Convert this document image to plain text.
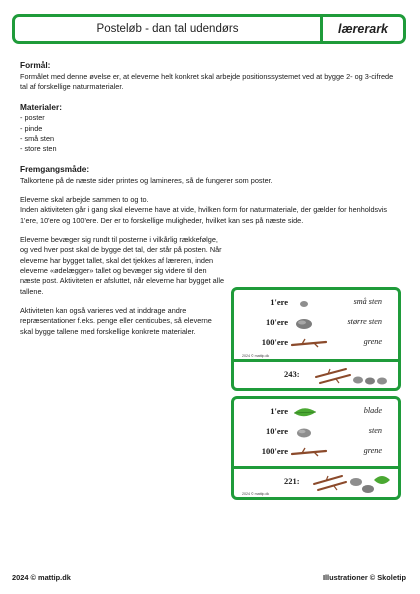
Posteløb - dan tal udendørs	lærerark

Formål:

Formålet med denne øvelse er, at eleverne helt konkret skal arbejde positionssystemet ved at bygge 2- og 3-cifrede tal af forskellige naturmaterialer.

Materialer:

- poster
- pinde
- små sten
- store sten

Fremgangsmåde:

Talkortene på de næste sider printes og lamineres, så de fungerer som poster.

Eleverne skal arbejde sammen to og to.

Inden aktiviteten går i gang skal eleverne have at vide, hvilken form for naturmateriale, der gælder for henholdsvis 1'ere, 10'ere og 100'ere. Der er to forskellige muligheder, hvilket kan ses på næste side.

Eleverne bevæger sig rundt til posterne i vilkårlig rækkefølge, og ved hver post skal de bygge det tal, der står på posten. Når eleverne har bygget tallet, skal det tjekkes af læreren, inden eleverne «ødelægger» tallet og bevæger sig videre til den næste post. Aktiviteten er afsluttet, når eleverne har bygget alle tallene.

Aktiviteten kan også varieres ved at inddrage andre repræsentationer f.eks. penge eller centicubes, så eleverne skal bygge tallene med forskellige konkrete materialer.

1'ere	små sten
10'ere	større sten
100'ere	grene
2024 © mattip.dk
243:
1'ere	blade
10'ere	sten
100'ere	grene
221:
2024 © mattip.dk
2024 © mattip.dk	Illustrationer © Skoletip
